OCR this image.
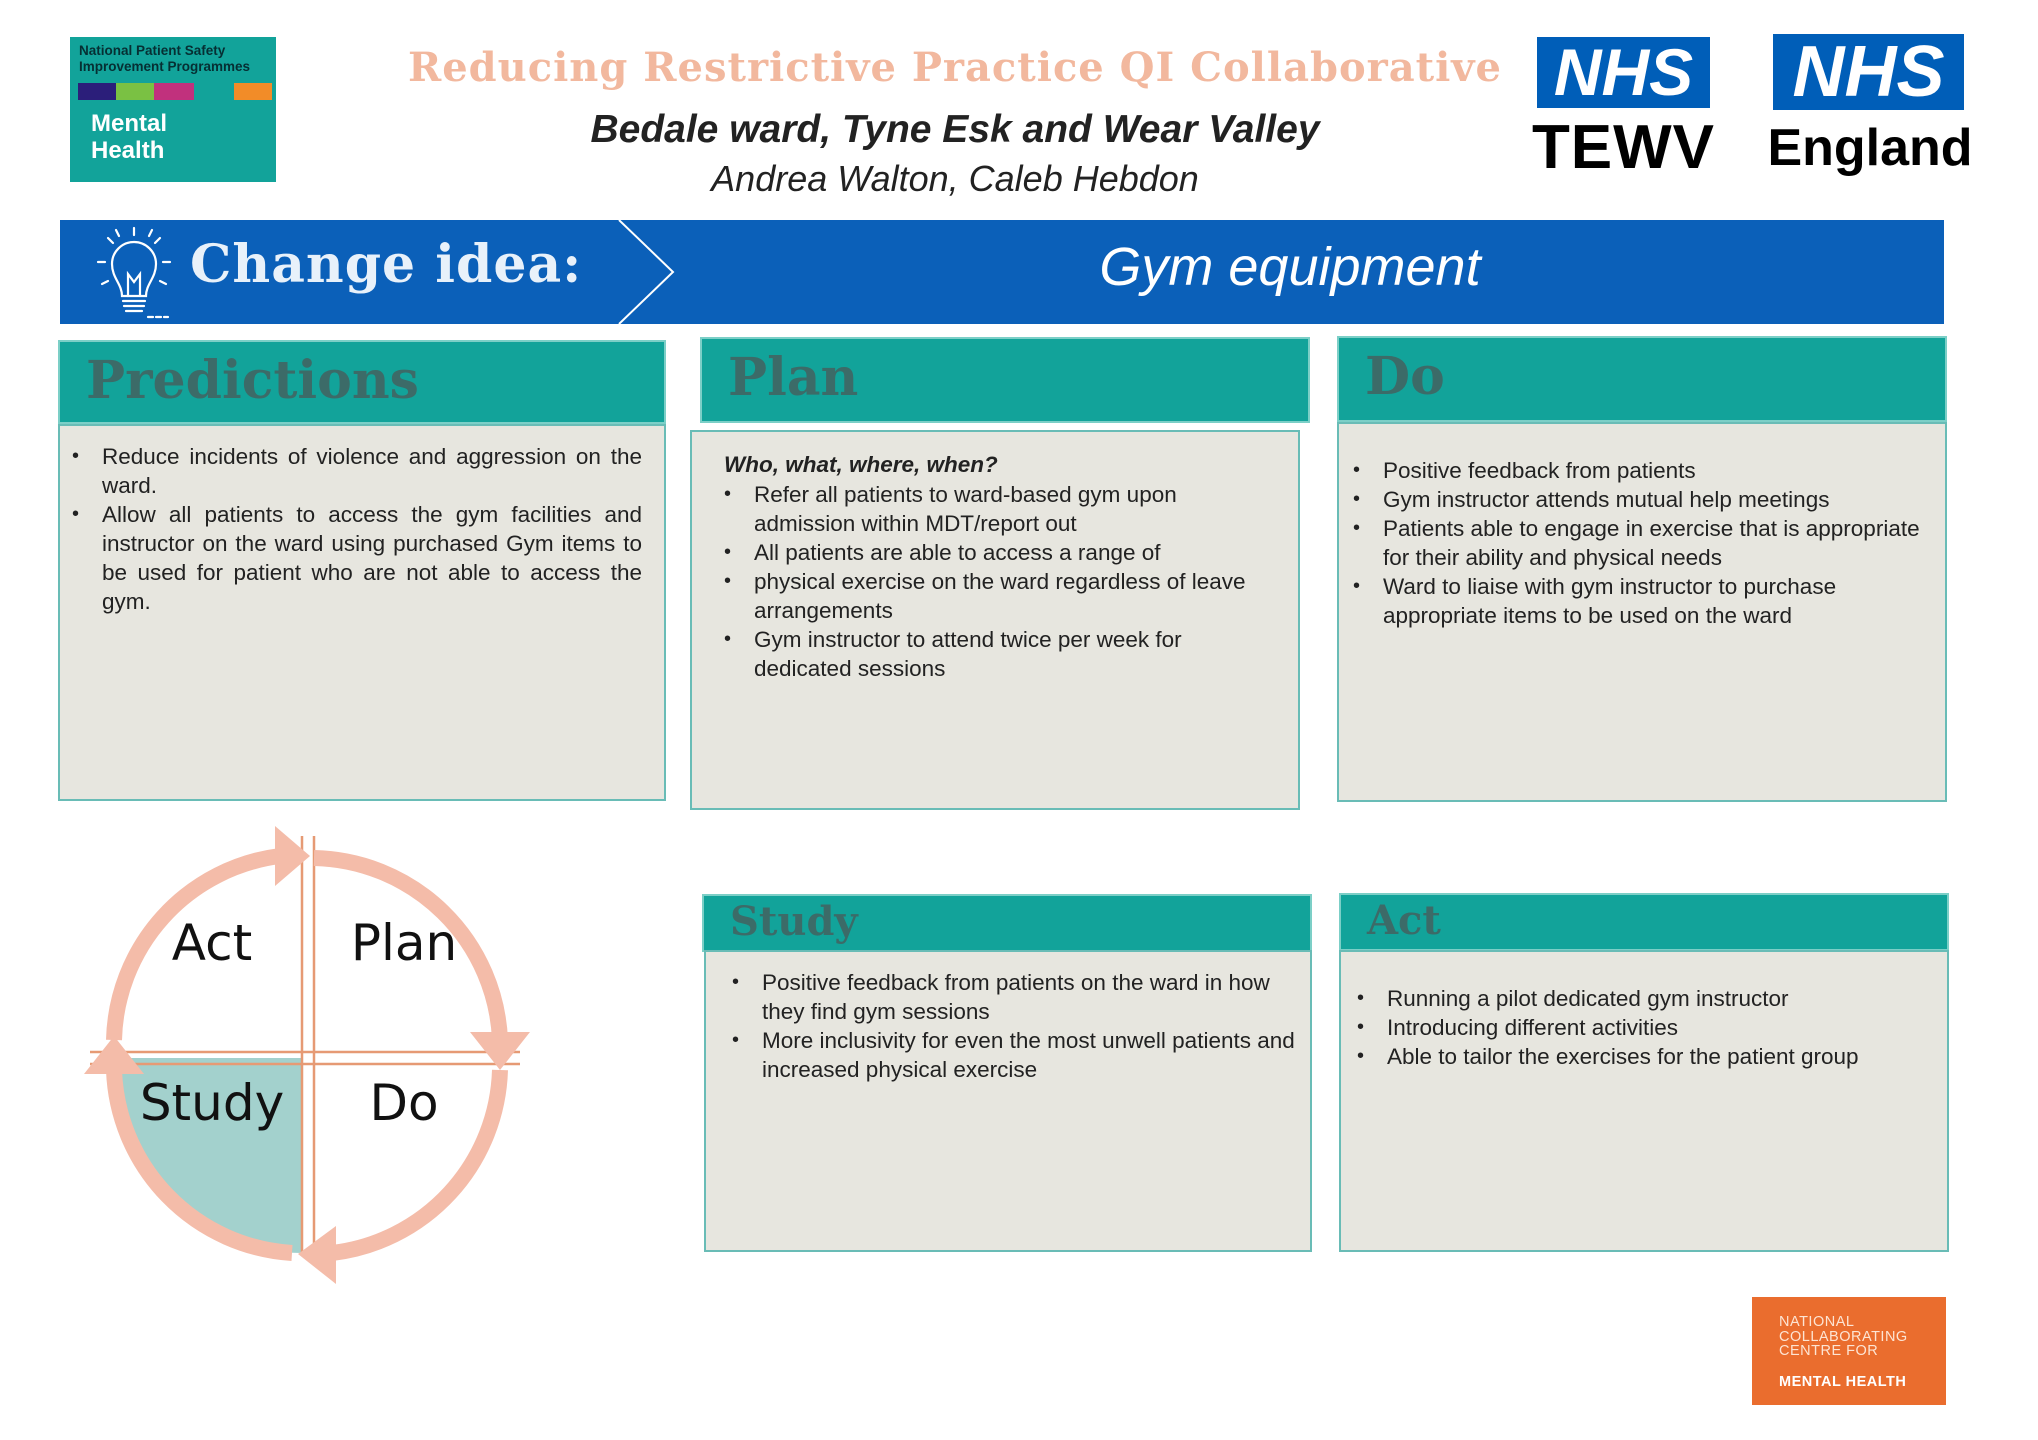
National Patient Safety
Improvement Programmes
Mental
Health
Reducing Restrictive Practice QI Collaborative
Bedale ward, Tyne Esk and Wear Valley
Andrea Walton, Caleb Hebdon
NHS
TEWV
NHS
England
Change idea:	Gym equipment
Predictions
• Reduce incidents of violence and aggression on the ward.
• Allow all patients to access the gym facilities and instructor on the ward using purchased Gym items to be used for patient who are not able to access the gym.
Plan
Who, what, where, when?
• Refer all patients to ward-based gym upon admission within MDT/report out
• All patients are able to access a range of
• physical exercise on the ward regardless of leave arrangements
• Gym instructor to attend twice per week for dedicated sessions
Do
• Positive feedback from patients
• Gym instructor attends mutual help meetings
• Patients able to engage in exercise that is appropriate for their ability and physical needs
• Ward to liaise with gym instructor to purchase appropriate items to be used on the ward
Study
• Positive feedback from patients on the ward in how they find gym sessions
• More inclusivity for even the most unwell patients and increased physical exercise
Act
• Running a pilot dedicated gym instructor
• Introducing different activities
• Able to tailor the exercises for the patient group
Act	Plan
Study	Do
NATIONAL
COLLABORATING
CENTRE FOR
MENTAL HEALTH
